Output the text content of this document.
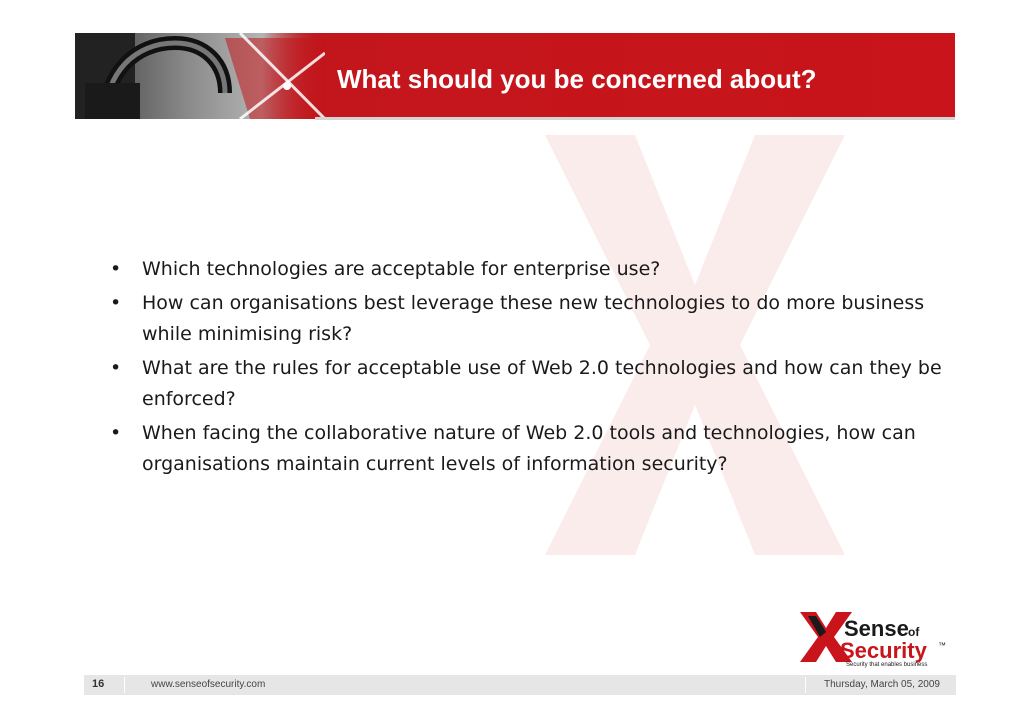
What should you be concerned about?
• Which technologies are acceptable for enterprise use?
• How can organisations best leverage these new technologies to do more business while minimising risk?
• What are the rules for acceptable use of Web 2.0 technologies and how can they be enforced?
• When facing the collaborative nature of Web 2.0 tools and technologies, how can organisations maintain current levels of information security?
Sense of
Security ™
Security that enables business
16	www.senseofsecurity.com	Thursday, March 05, 2009
